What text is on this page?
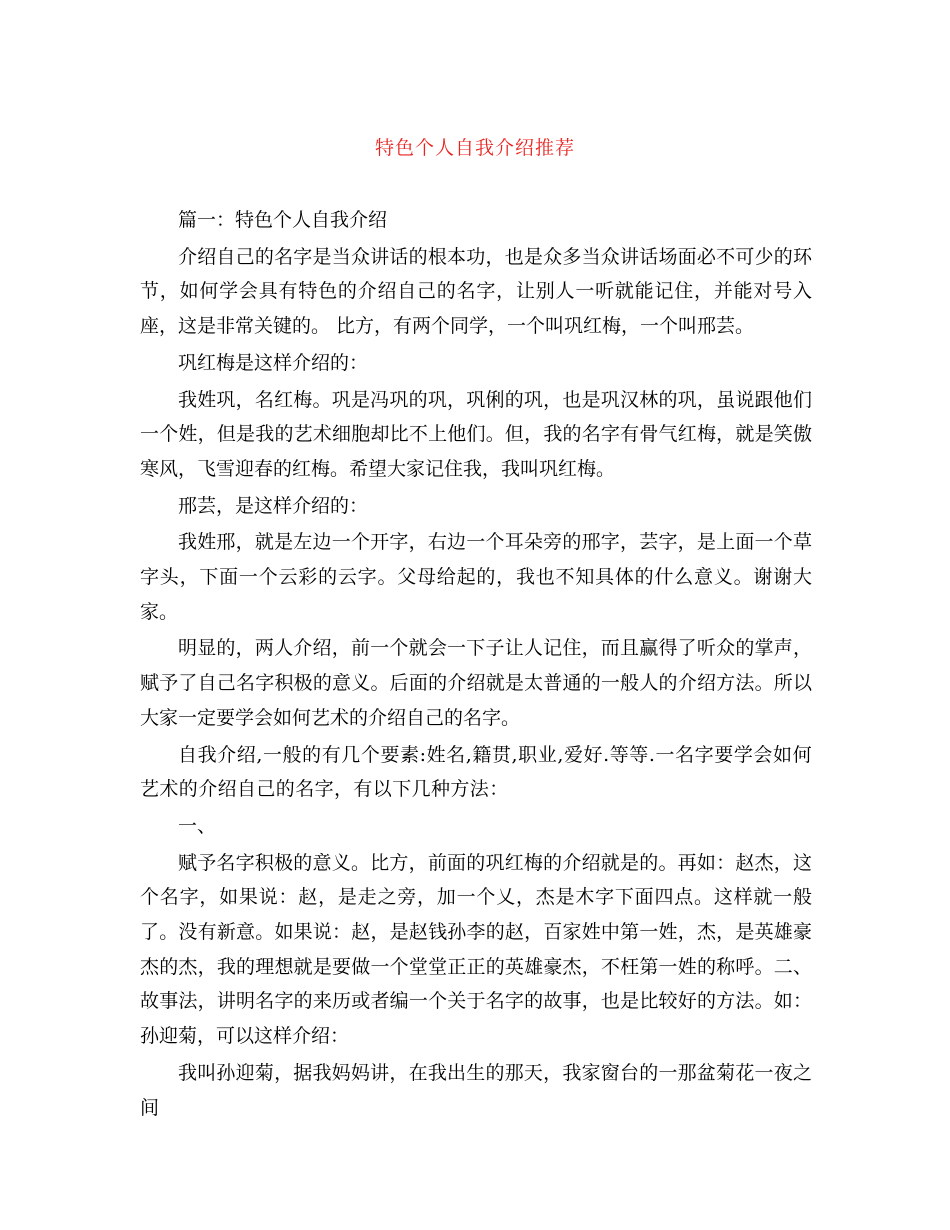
特色个人自我介绍推荐

篇一：特色个人自我介绍

介绍自己的名字是当众讲话的根本功，也是众多当众讲话场面必不可少的环节，如何学会具有特色的介绍自己的名字，让别人一听就能记住，并能对号入座，这是非常关键的。 比方，有两个同学，一个叫巩红梅，一个叫邢芸。

巩红梅是这样介绍的：

我姓巩，名红梅。巩是冯巩的巩，巩俐的巩，也是巩汉林的巩，虽说跟他们一个姓，但是我的艺术细胞却比不上他们。但，我的名字有骨气红梅，就是笑傲寒风，飞雪迎春的红梅。希望大家记住我，我叫巩红梅。

邢芸，是这样介绍的：

我姓邢，就是左边一个开字，右边一个耳朵旁的邢字，芸字，是上面一个草字头，下面一个云彩的云字。父母给起的，我也不知具体的什么意义。谢谢大家。

明显的，两人介绍，前一个就会一下子让人记住，而且赢得了听众的掌声，赋予了自己名字积极的意义。后面的介绍就是太普通的一般人的介绍方法。所以大家一定要学会如何艺术的介绍自己的名字。

自我介绍,一般的有几个要素:姓名,籍贯,职业,爱好.等等.一名字要学会如何艺术的介绍自己的名字，有以下几种方法：

一、

赋予名字积极的意义。比方，前面的巩红梅的介绍就是的。再如：赵杰，这个名字，如果说：赵，是走之旁，加一个乂，杰是木字下面四点。这样就一般了。没有新意。如果说：赵，是赵钱孙李的赵，百家姓中第一姓，杰，是英雄豪杰的杰，我的理想就是要做一个堂堂正正的英雄豪杰，不枉第一姓的称呼。二、故事法，讲明名字的来历或者编一个关于名字的故事，也是比较好的方法。如：孙迎菊，可以这样介绍：

我叫孙迎菊，据我妈妈讲，在我出生的那天，我家窗台的一那盆菊花一夜之间
